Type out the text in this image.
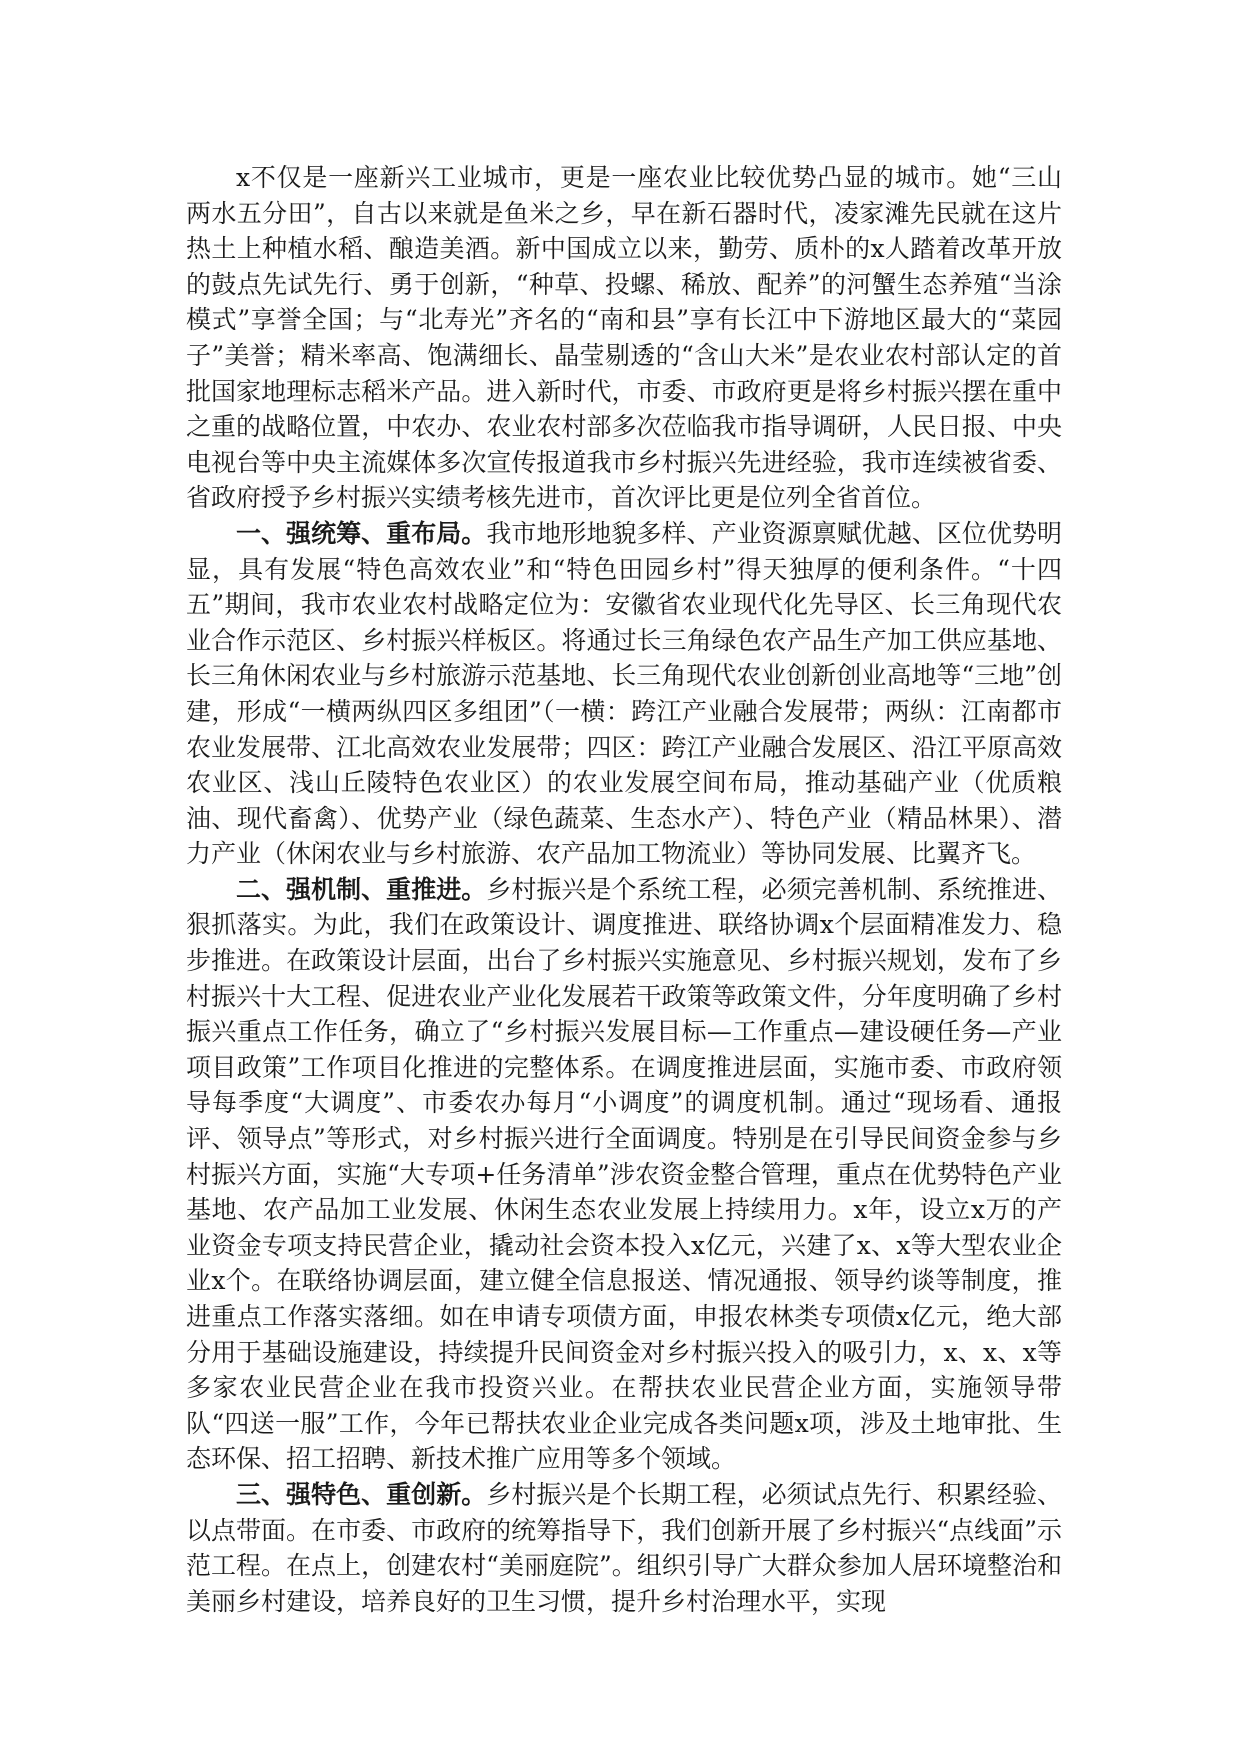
x不仅是一座新兴工业城市，更是一座农业比较优势凸显的城市。她“三山两水五分田”，自古以来就是鱼米之乡，早在新石器时代，凌家滩先民就在这片热土上种植水稻、酿造美酒。新中国成立以来，勤劳、质朴的x人踏着改革开放的鼓点先试先行、勇于创新，“种草、投螺、稀放、配养”的河蟹生态养殖“当涂模式”享誉全国；与“北寿光”齐名的“南和县”享有长江中下游地区最大的“菜园子”美誉；精米率高、饱满细长、晶莹剔透的“含山大米”是农业农村部认定的首批国家地理标志稻米产品。进入新时代，市委、市政府更是将乡村振兴摆在重中之重的战略位置，中农办、农业农村部多次莅临我市指导调研，人民日报、中央电视台等中央主流媒体多次宣传报道我市乡村振兴先进经验，我市连续被省委、省政府授予乡村振兴实绩考核先进市，首次评比更是位列全省首位。

一、强统筹、重布局。我市地形地貌多样、产业资源禀赋优越、区位优势明显，具有发展“特色高效农业”和“特色田园乡村”得天独厚的便利条件。“十四五”期间，我市农业农村战略定位为：安徽省农业现代化先导区、长三角现代农业合作示范区、乡村振兴样板区。将通过长三角绿色农产品生产加工供应基地、长三角休闲农业与乡村旅游示范基地、长三角现代农业创新创业高地等“三地”创建，形成“一横两纵四区多组团”（一横：跨江产业融合发展带；两纵：江南都市农业发展带、江北高效农业发展带；四区：跨江产业融合发展区、沿江平原高效农业区、浅山丘陵特色农业区）的农业发展空间布局，推动基础产业（优质粮油、现代畜禽）、优势产业（绿色蔬菜、生态水产）、特色产业（精品林果）、潜力产业（休闲农业与乡村旅游、农产品加工物流业）等协同发展、比翼齐飞。

二、强机制、重推进。乡村振兴是个系统工程，必须完善机制、系统推进、狠抓落实。为此，我们在政策设计、调度推进、联络协调x个层面精准发力、稳步推进。在政策设计层面，出台了乡村振兴实施意见、乡村振兴规划，发布了乡村振兴十大工程、促进农业产业化发展若干政策等政策文件，分年度明确了乡村振兴重点工作任务，确立了“乡村振兴发展目标—工作重点—建设硬任务—产业项目政策”工作项目化推进的完整体系。在调度推进层面，实施市委、市政府领导每季度“大调度”、市委农办每月“小调度”的调度机制。通过“现场看、通报评、领导点”等形式，对乡村振兴进行全面调度。特别是在引导民间资金参与乡村振兴方面，实施“大专项+任务清单”涉农资金整合管理，重点在优势特色产业基地、农产品加工业发展、休闲生态农业发展上持续用力。x年，设立x万的产业资金专项支持民营企业，撬动社会资本投入x亿元，兴建了x、x等大型农业企业x个。在联络协调层面，建立健全信息报送、情况通报、领导约谈等制度，推进重点工作落实落细。如在申请专项债方面，申报农林类专项债x亿元，绝大部分用于基础设施建设，持续提升民间资金对乡村振兴投入的吸引力，x、x、x等多家农业民营企业在我市投资兴业。在帮扶农业民营企业方面，实施领导带队“四送一服”工作，今年已帮扶农业企业完成各类问题x项，涉及土地审批、生态环保、招工招聘、新技术推广应用等多个领域。

三、强特色、重创新。乡村振兴是个长期工程，必须试点先行、积累经验、以点带面。在市委、市政府的统筹指导下，我们创新开展了乡村振兴“点线面”示范工程。在点上，创建农村“美丽庭院”。组织引导广大群众参加人居环境整治和美丽乡村建设，培养良好的卫生习惯，提升乡村治理水平，实现
